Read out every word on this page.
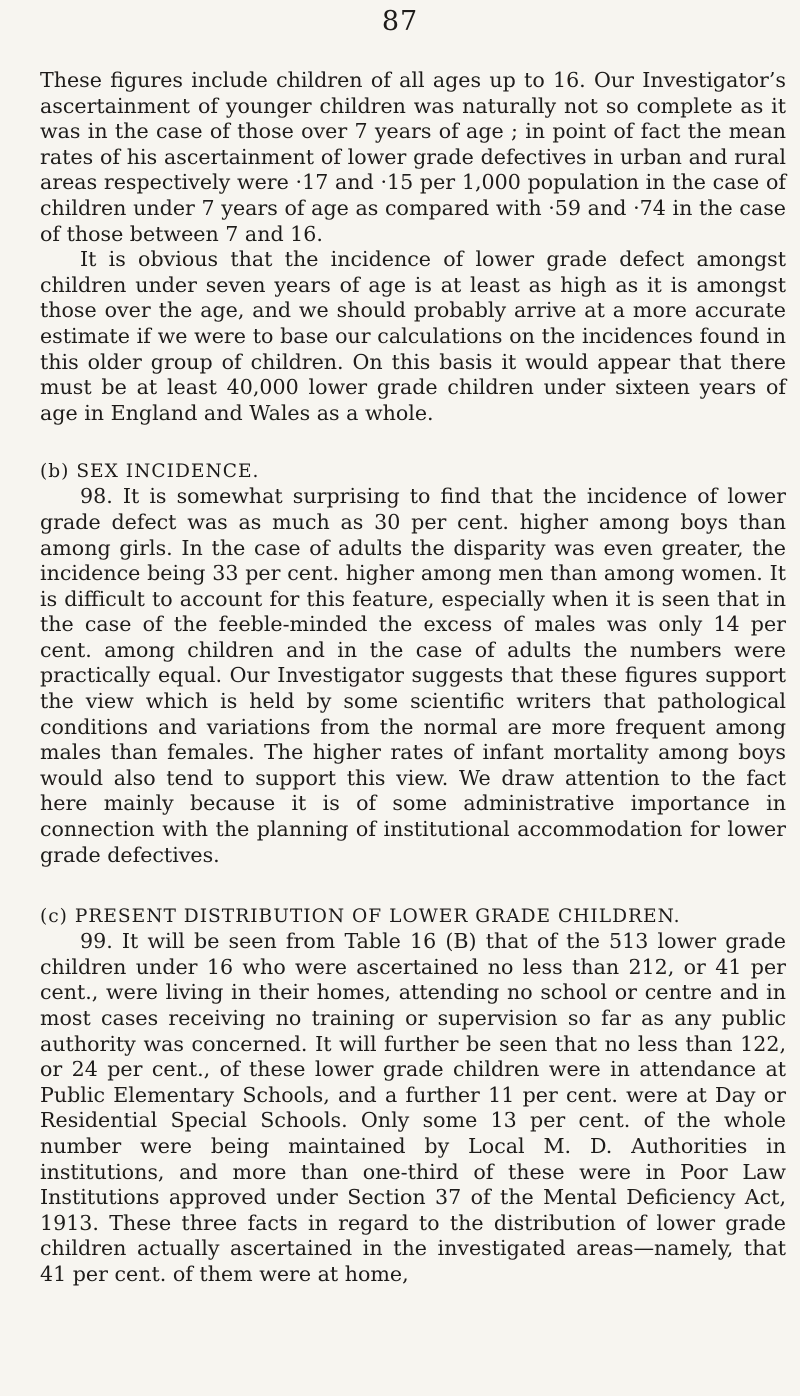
87

These figures include children of all ages up to 16. Our Investigator’s ascertainment of younger children was naturally not so complete as it was in the case of those over 7 years of age ; in point of fact the mean rates of his ascertainment of lower grade defectives in urban and rural areas respectively were ·17 and ·15 per 1,000 population in the case of children under 7 years of age as compared with ·59 and ·74 in the case of those between 7 and 16.

It is obvious that the incidence of lower grade defect amongst children under seven years of age is at least as high as it is amongst those over the age, and we should probably arrive at a more accurate estimate if we were to base our calculations on the incidences found in this older group of children. On this basis it would appear that there must be at least 40,000 lower grade children under sixteen years of age in England and Wales as a whole.

(b) SEX INCIDENCE.

98. It is somewhat surprising to find that the incidence of lower grade defect was as much as 30 per cent. higher among boys than among girls. In the case of adults the disparity was even greater, the incidence being 33 per cent. higher among men than among women. It is difficult to account for this feature, especially when it is seen that in the case of the feeble-minded the excess of males was only 14 per cent. among children and in the case of adults the numbers were practically equal. Our Investigator suggests that these figures support the view which is held by some scientific writers that pathological conditions and variations from the normal are more frequent among males than females. The higher rates of infant mortality among boys would also tend to support this view. We draw attention to the fact here mainly because it is of some administrative importance in connection with the planning of institutional accommodation for lower grade defectives.

(c) PRESENT DISTRIBUTION OF LOWER GRADE CHILDREN.

99. It will be seen from Table 16 (B) that of the 513 lower grade children under 16 who were ascertained no less than 212, or 41 per cent., were living in their homes, attending no school or centre and in most cases receiving no training or supervision so far as any public authority was concerned. It will further be seen that no less than 122, or 24 per cent., of these lower grade children were in attendance at Public Elementary Schools, and a further 11 per cent. were at Day or Residential Special Schools. Only some 13 per cent. of the whole number were being maintained by Local M. D. Authorities in institutions, and more than one-third of these were in Poor Law Institutions approved under Section 37 of the Mental Deficiency Act, 1913. These three facts in regard to the distribution of lower grade children actually ascertained in the investigated areas—namely, that 41 per cent. of them were at home,
